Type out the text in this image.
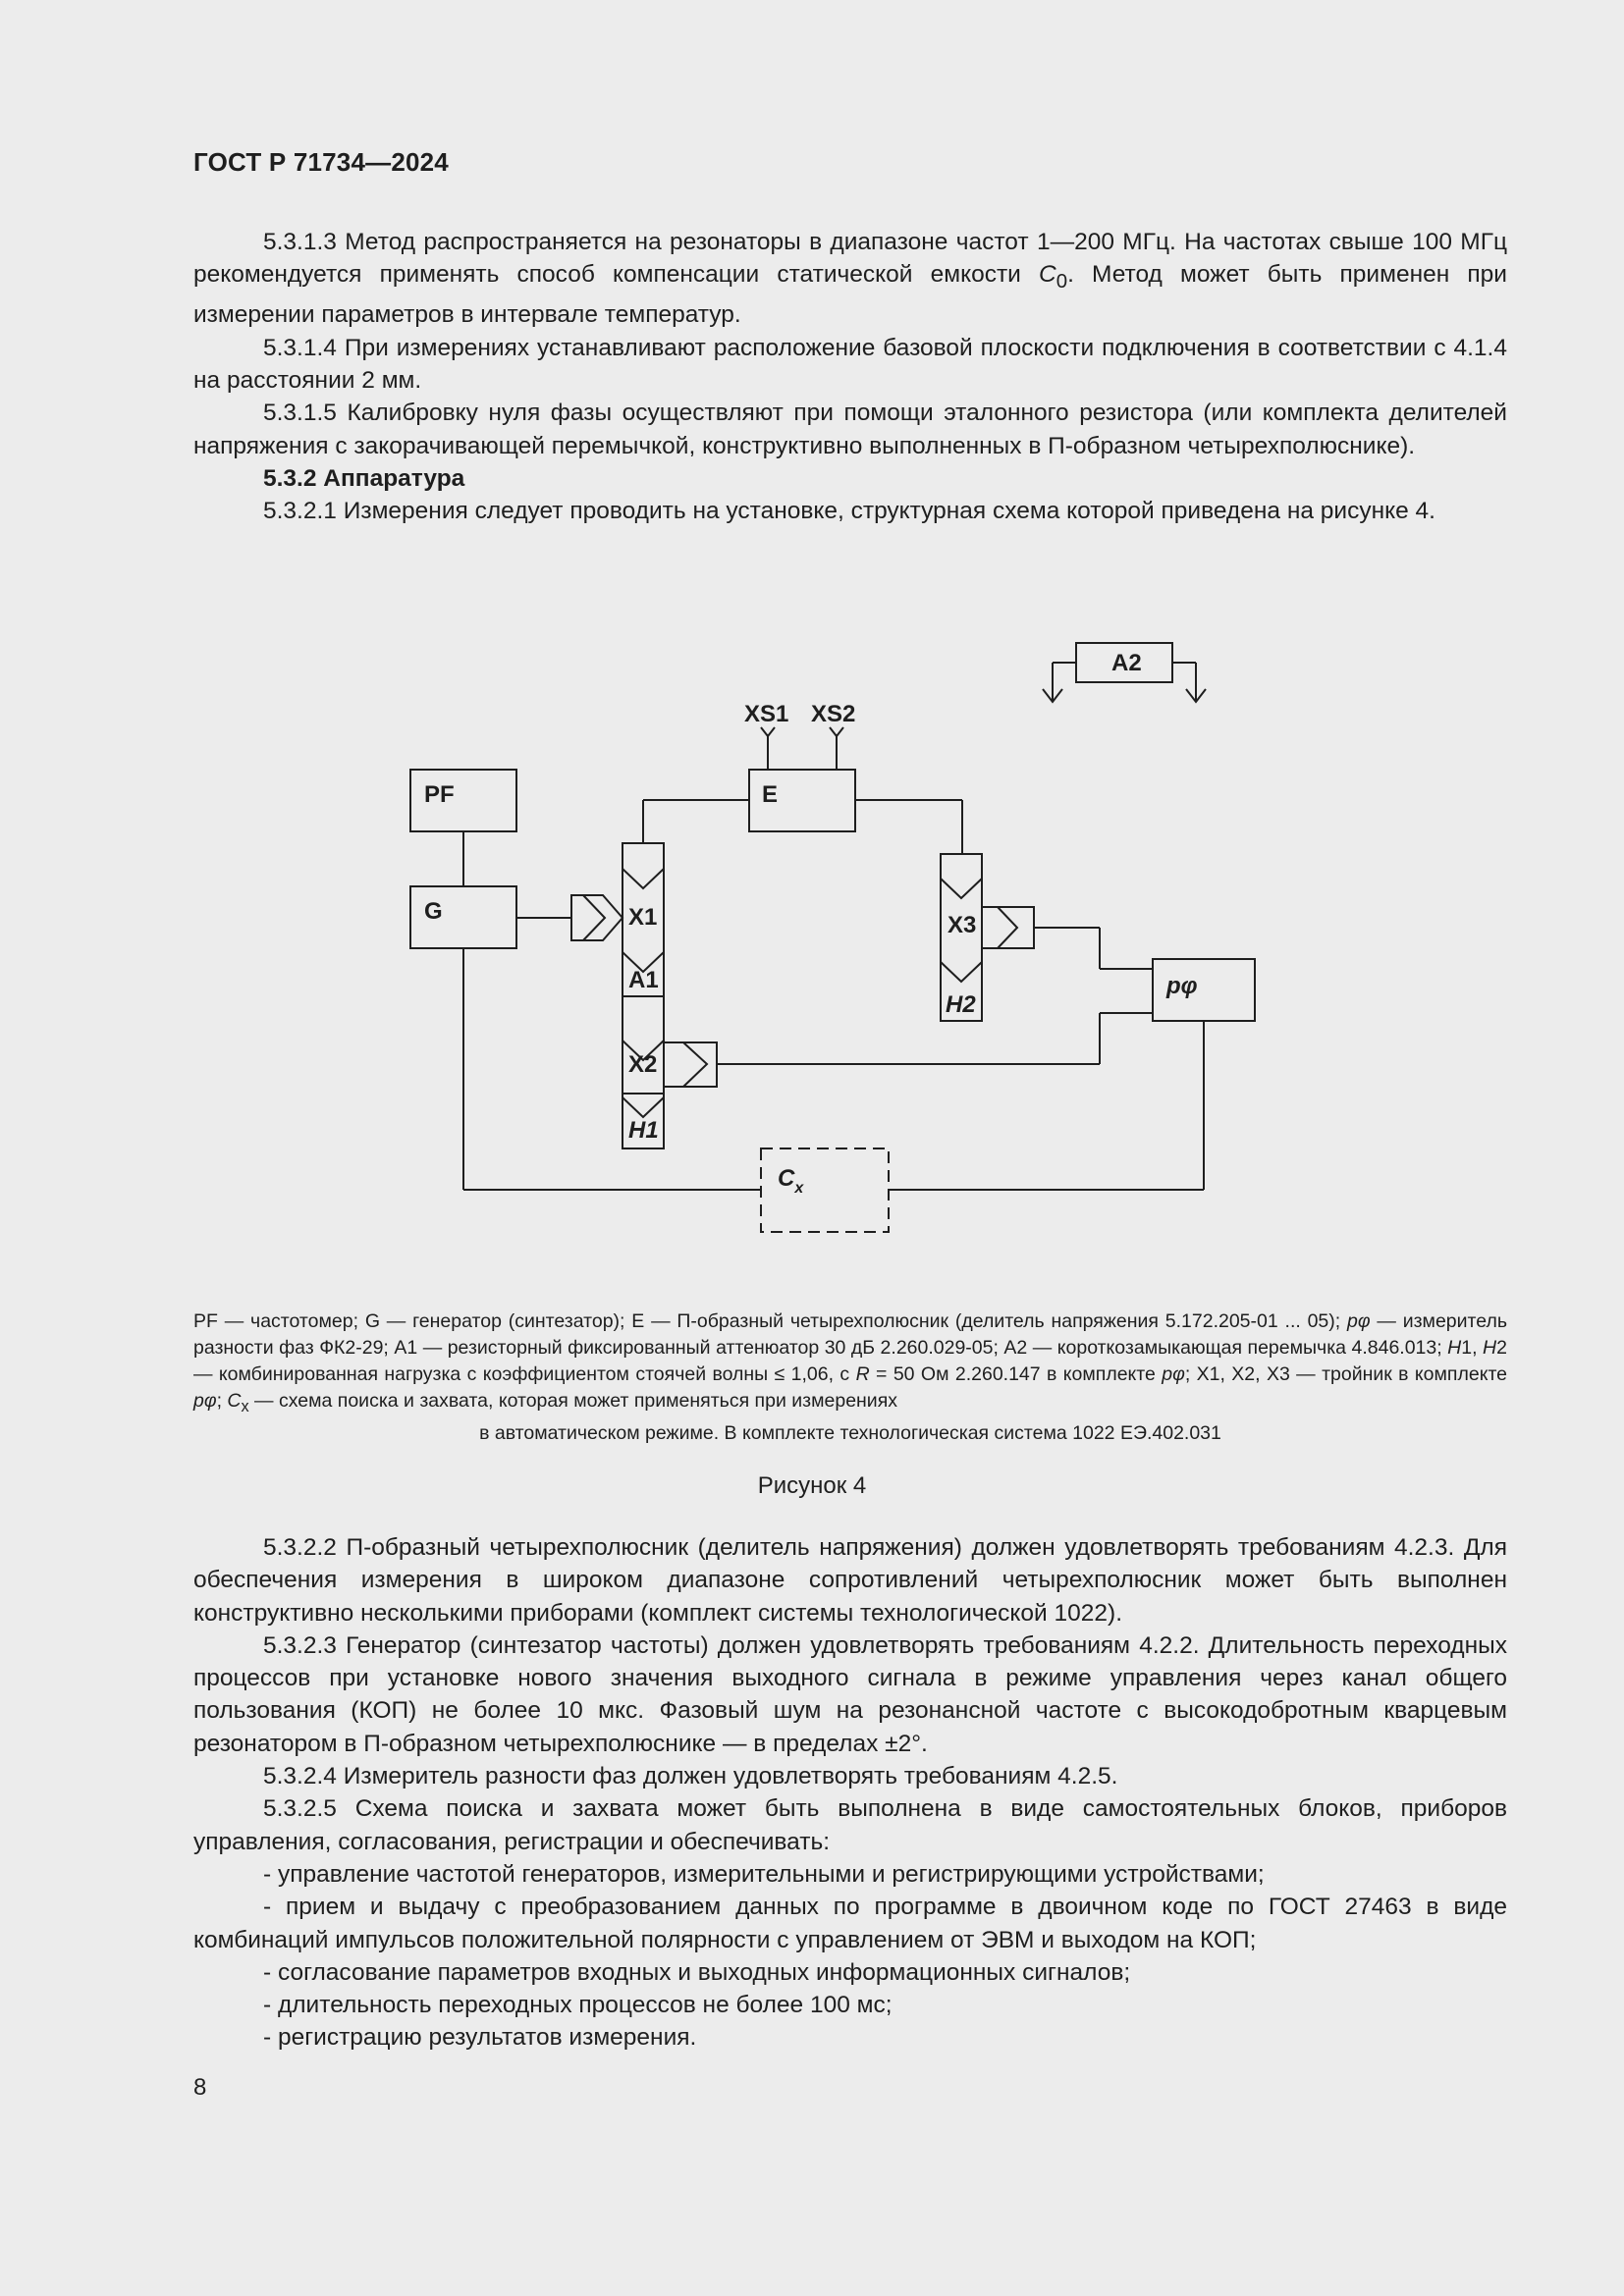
ГОСТ Р 71734—2024

5.3.1.3 Метод распространяется на резонаторы в диапазоне частот 1—200 МГц. На частотах свыше 100 МГц рекомендуется применять способ компенсации статической емкости $C_0$. Метод может быть применен при измерении параметров в интервале температур.

5.3.1.4 При измерениях устанавливают расположение базовой плоскости подключения в соответствии с 4.1.4 на расстоянии 2 мм.

5.3.1.5 Калибровку нуля фазы осуществляют при помощи эталонного резистора (или комплекта делителей напряжения с закорачивающей перемычкой, конструктивно выполненных в П-образном четырехполюснике).

5.3.2 Аппаратура

5.3.2.1 Измерения следует проводить на установке, структурная схема которой приведена на рисунке 4.

PF
G
E
XS1 XS2
X1
A1
X2
X3
A2
H1
H2
pφ
$C_x$
PF — частотомер; G — генератор (синтезатор); E — П-образный четырехполюсник (делитель напряжения 5.172.205-01 ... 05); pφ — измеритель разности фаз ФК2-29; А1 — резисторный фиксированный аттенюатор 30 дБ 2.260.029-05; А2 — короткозамыкающая перемычка 4.846.013; H1, H2 — комбинированная нагрузка с коэффициентом стоячей волны ≤ 1,06, с R = 50 Ом 2.260.147 в комплекте pφ; X1, X2, X3 — тройник в комплекте pφ; $C_x$ — схема поиска и захвата, которая может применяться при измерениях
в автоматическом режиме. В комплекте технологическая система 1022 ЕЭ.402.031
Рисунок 4

5.3.2.2 П-образный четырехполюсник (делитель напряжения) должен удовлетворять требованиям 4.2.3. Для обеспечения измерения в широком диапазоне сопротивлений четырехполюсник может быть выполнен конструктивно несколькими приборами (комплект системы технологической 1022).

5.3.2.3 Генератор (синтезатор частоты) должен удовлетворять требованиям 4.2.2. Длительность переходных процессов при установке нового значения выходного сигнала в режиме управления через канал общего пользования (КОП) не более 10 мкс. Фазовый шум на резонансной частоте с высокодобротным кварцевым резонатором в П-образном четырехполюснике — в пределах ±2°.

5.3.2.4 Измеритель разности фаз должен удовлетворять требованиям 4.2.5.

5.3.2.5 Схема поиска и захвата может быть выполнена в виде самостоятельных блоков, приборов управления, согласования, регистрации и обеспечивать:

- управление частотой генераторов, измерительными и регистрирующими устройствами;

- прием и выдачу с преобразованием данных по программе в двоичном коде по ГОСТ 27463 в виде комбинаций импульсов положительной полярности с управлением от ЭВМ и выходом на КОП;

- согласование параметров входных и выходных информационных сигналов;

- длительность переходных процессов не более 100 мс;

- регистрацию результатов измерения.

8
